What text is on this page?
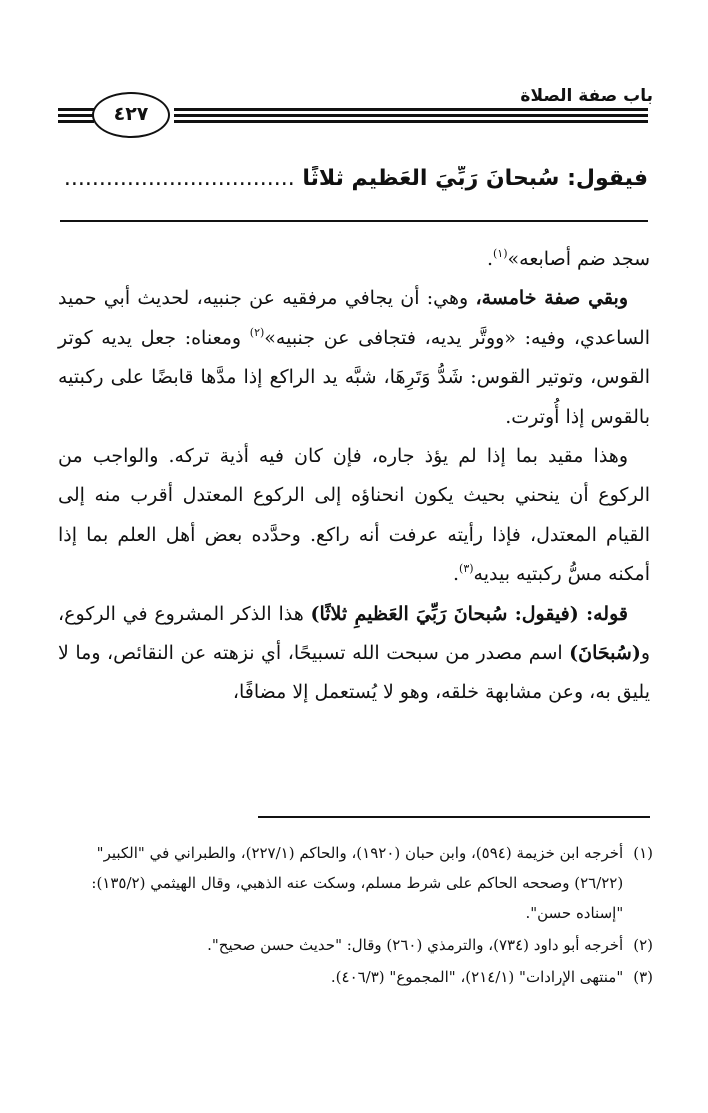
باب صفة الصلاة
٤٢٧
فيقول: سُبحانَ رَبِّيَ العَظيمِ ثلاثًا .................................

سجد ضم أصابعه»$^{(١)}$.

وبقي صفة خامسة، وهي: أن يجافي مرفقيه عن جنبيه، لحديث أبي حميد الساعدي، وفيه: «ووتَّر يديه، فتجافى عن جنبيه»$^{(٢)}$ ومعناه: جعل يديه كوتر القوس، وتوتير القوس: شَدُّ وَتَرِهَا، شبَّه يد الراكع إذا مدَّها قابضًا على ركبتيه بالقوس إذا أُوترت.

وهذا مقيد بما إذا لم يؤذ جاره، فإن كان فيه أذية تركه. والواجب من الركوع أن ينحني بحيث يكون انحناؤه إلى الركوع المعتدل أقرب منه إلى القيام المعتدل، فإذا رأيته عرفت أنه راكع. وحدَّده بعض أهل العلم بما إذا أمكنه مسُّ ركبتيه بيديه$^{(٣)}$.

قوله: (فيقول: سُبحانَ رَبِّيَ العَظيمِ ثلاثًا) هذا الذكر المشروع في الركوع، و(سُبحَانَ) اسم مصدر من سبحت الله تسبيحًا، أي نزهته عن النقائص، وما لا يليق به، وعن مشابهة خلقه، وهو لا يُستعمل إلا مضافًا،

(١)
أخرجه ابن خزيمة (٥٩٤)، وابن حبان (١٩٢٠)، والحاكم (٢٢٧/١)، والطبراني في "الكبير" (٢٦/٢٢) وصححه الحاكم على شرط مسلم، وسكت عنه الذهبي، وقال الهيثمي (١٣٥/٢): "إسناده حسن".
(٢)
أخرجه أبو داود (٧٣٤)، والترمذي (٢٦٠) وقال: "حديث حسن صحيح".
(٣)
"منتهى الإرادات" (٢١٤/١)، "المجموع" (٤٠٦/٣).
